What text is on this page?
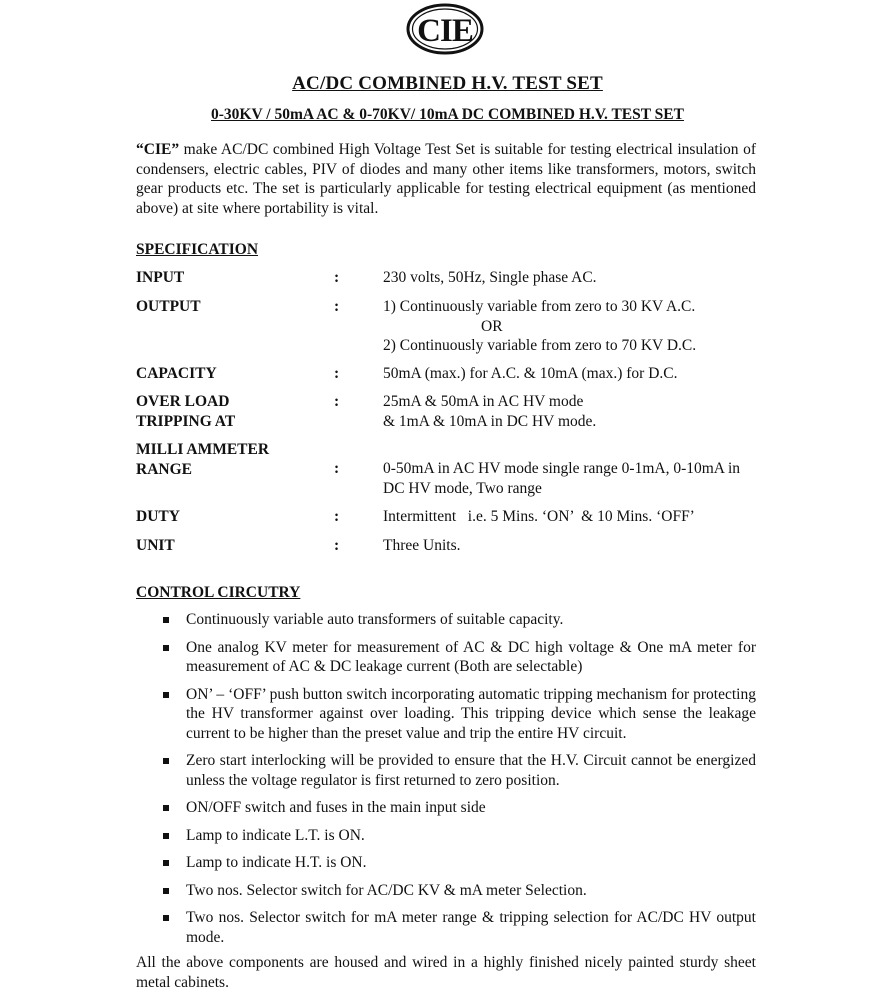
CIE
AC/DC COMBINED H.V. TEST SET
0-30KV / 50mA AC & 0-70KV/ 10mA DC COMBINED H.V. TEST SET
“CIE” make AC/DC combined High Voltage Test Set is suitable for testing electrical insulation of condensers, electric cables, PIV of diodes and many other items like transformers, motors, switch gear products etc. The set is particularly applicable for testing electrical equipment (as mentioned above) at site where portability is vital.
SPECIFICATION
INPUT	:	230 volts, 50Hz, Single phase AC.
OUTPUT	:	1) Continuously variable from zero to 30 KV A.C.
OR
2) Continuously variable from zero to 70 KV D.C.
CAPACITY	:	50mA (max.) for A.C. & 10mA (max.) for D.C.
OVER LOAD
TRIPPING AT
:	25mA & 50mA in AC HV mode
& 1mA & 10mA in DC HV mode.
MILLI AMMETER
RANGE	:	0-50mA in AC HV mode single range 0-1mA, 0-10mA in DC HV mode, Two range
DUTY	:	Intermittent   i.e. 5 Mins. ‘ON’  & 10 Mins. ‘OFF’
UNIT	:	Three Units.
CONTROL CIRCUTRY
Continuously variable auto transformers of suitable capacity.
One analog KV meter for measurement of AC & DC high voltage & One mA meter for measurement of AC & DC leakage current (Both are selectable)
ON’ – ‘OFF’ push button switch incorporating automatic tripping mechanism for protecting the HV transformer against over loading. This tripping device which sense the leakage current to be higher than the preset value and trip the entire HV circuit.
Zero start interlocking will be provided to ensure that the H.V. Circuit cannot be energized unless the voltage regulator is first returned to zero position.
ON/OFF switch and fuses in the main input side
Lamp to indicate L.T. is ON.
Lamp to indicate H.T. is ON.
Two nos. Selector switch for AC/DC KV & mA meter Selection.
Two nos. Selector switch for mA meter range & tripping selection for AC/DC HV output mode.
All the above components are housed and wired in a highly finished nicely painted sturdy sheet metal cabinets.
